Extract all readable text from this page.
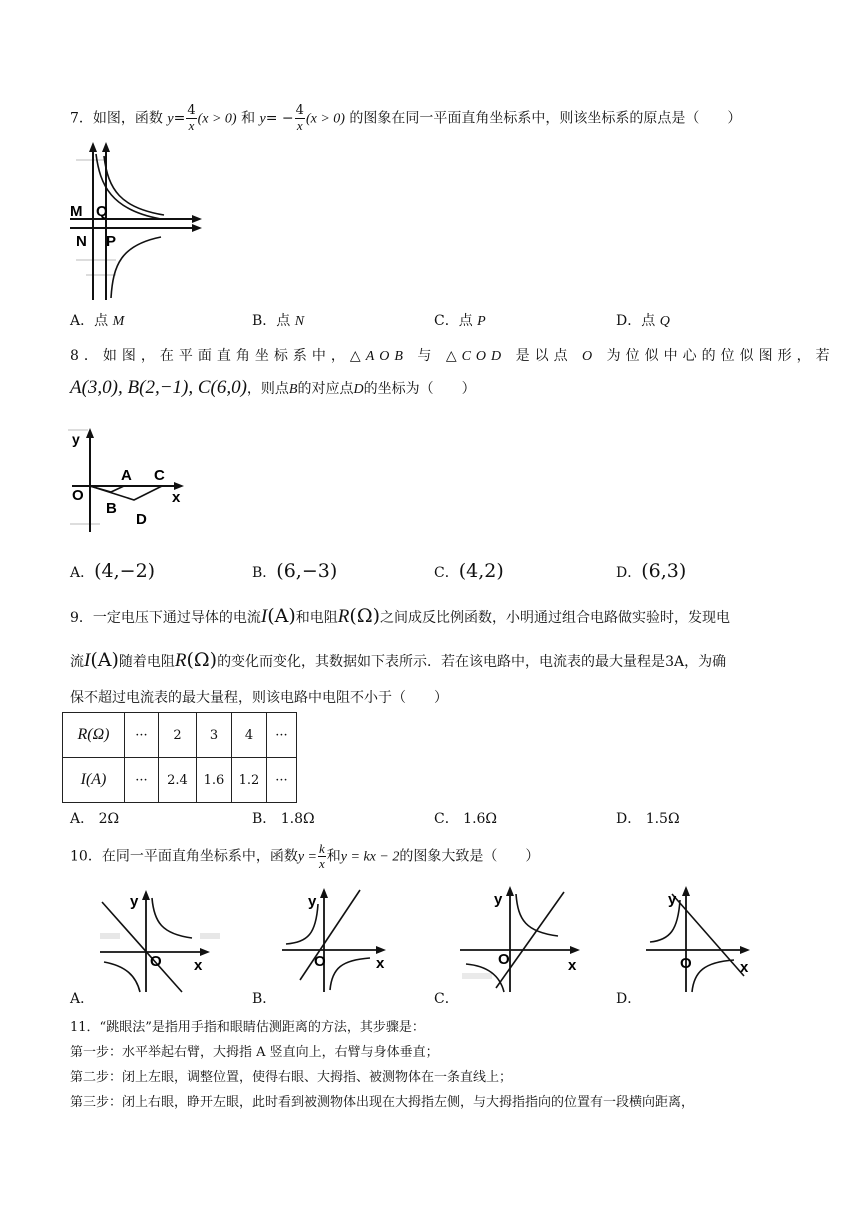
7．如图，函数 $y= \frac{4}{x} (x > 0)$ 和 $y= - \frac{4}{x} (x > 0)$ 的图象在同一平面直角坐标系中，则该坐标系的原点是（　　）
M Q
N P
A．点 M	B．点 N	C．点 P	D．点 Q
8．如图，在平面直角坐标系中，△AOB 与 △COD 是以点 O 为位似中心的位似图形，若
A(3,0), B(2,−1), C(6,0)，则点B的对应点D的坐标为（　　）
y
A C
O	x
B
D
A．(4,−2)	B．(6,−3)	C．(4,2)	D．(6,3)
9．一定电压下通过导体的电流I(A)和电阻R(Ω)之间成反比例函数，小明通过组合电路做实验时，发现电
流I(A)随着电阻R(Ω)的变化而变化，其数据如下表所示．若在该电路中，电流表的最大量程是3A，为确
保不超过电流表的最大量程，则该电路中电阻不小于（　　）
R(Ω)	···	2	3	4	···
I(A)	···	2.4	1.6	1.2	···
A． 2Ω	B． 1.8Ω	C． 1.6Ω	D． 1.5Ω
10．在同一平面直角坐标系中，函数$y = \frac{k}{x}$ 和y = kx − 2的图象大致是（　　）
y
O x
A．
y
O	x
B．
y
O	x
C．
y
O	x
D．
11．“跳眼法”是指用手指和眼睛估测距离的方法，其步骤是：
第一步：水平举起右臂，大拇指 A 竖直向上，右臂与身体垂直；
第二步：闭上左眼，调整位置，使得右眼、大拇指、被测物体在一条直线上；
第三步：闭上右眼，睁开左眼，此时看到被测物体出现在大拇指左侧，与大拇指指向的位置有一段横向距离，
